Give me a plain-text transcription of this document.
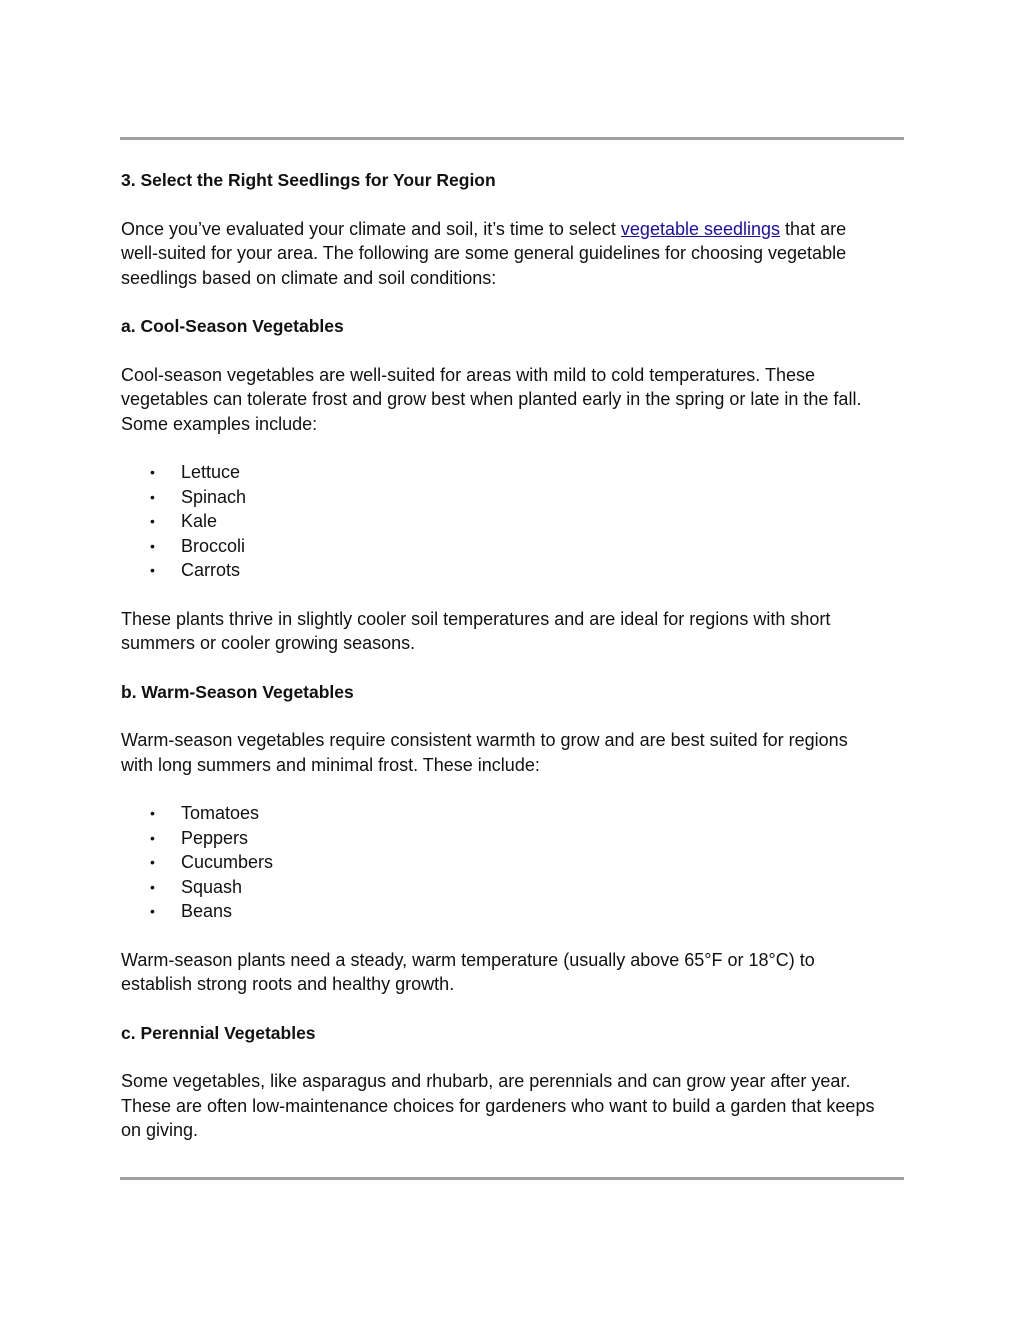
3. Select the Right Seedlings for Your Region

Once you’ve evaluated your climate and soil, it’s time to select vegetable seedlings that are
well-suited for your area. The following are some general guidelines for choosing vegetable
seedlings based on climate and soil conditions:

a. Cool-Season Vegetables

Cool-season vegetables are well-suited for areas with mild to cold temperatures. These
vegetables can tolerate frost and grow best when planted early in the spring or late in the fall.
Some examples include:

• Lettuce
• Spinach
• Kale
• Broccoli
• Carrots

These plants thrive in slightly cooler soil temperatures and are ideal for regions with short
summers or cooler growing seasons.

b. Warm-Season Vegetables

Warm-season vegetables require consistent warmth to grow and are best suited for regions
with long summers and minimal frost. These include:

• Tomatoes
• Peppers
• Cucumbers
• Squash
• Beans

Warm-season plants need a steady, warm temperature (usually above 65°F or 18°C) to
establish strong roots and healthy growth.

c. Perennial Vegetables

Some vegetables, like asparagus and rhubarb, are perennials and can grow year after year.
These are often low-maintenance choices for gardeners who want to build a garden that keeps
on giving.
